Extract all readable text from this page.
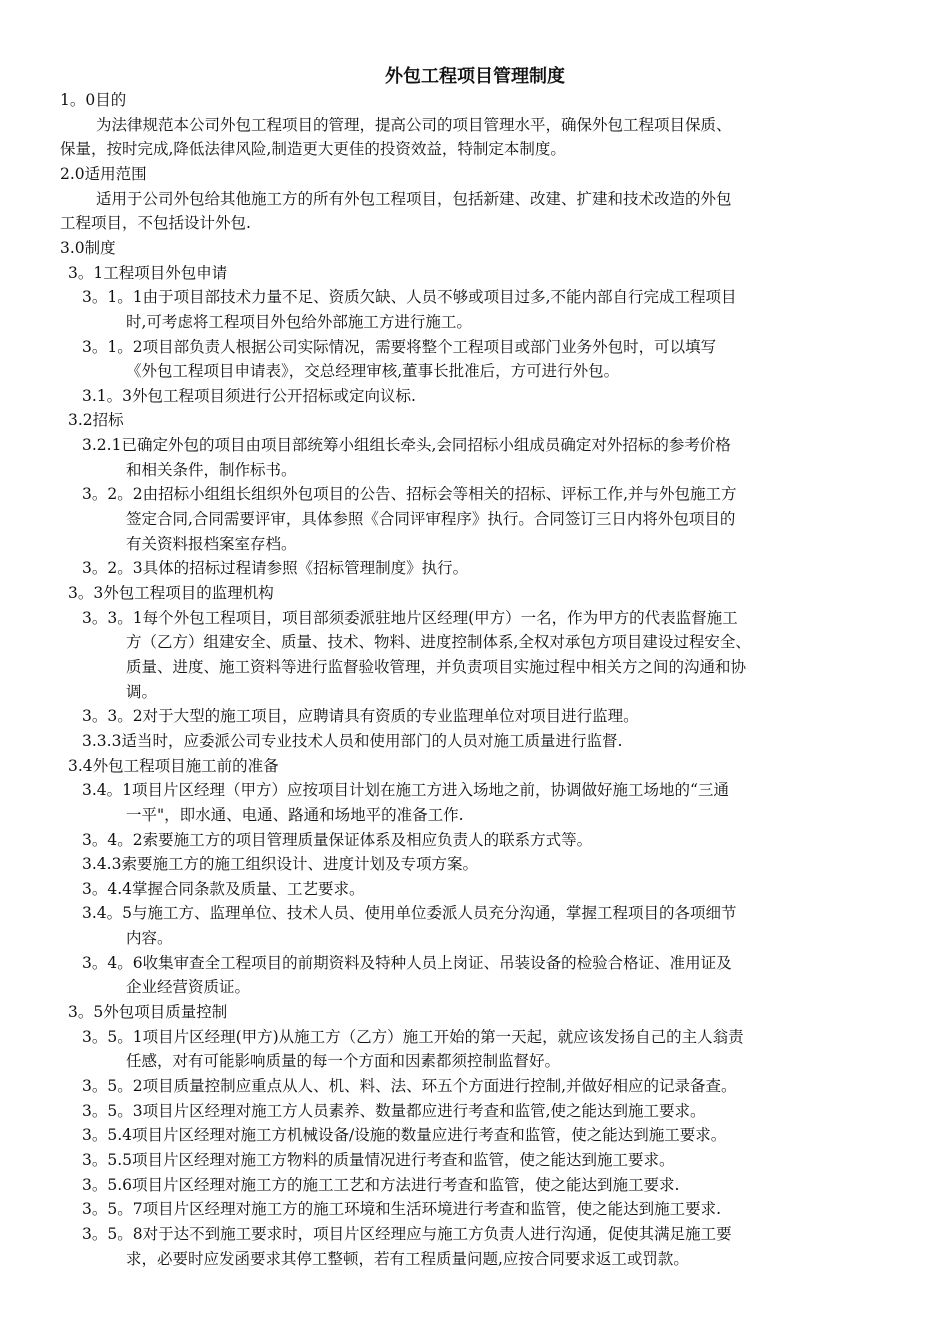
外包工程项目管理制度
1。0目的
为法律规范本公司外包工程项目的管理，提高公司的项目管理水平，确保外包工程项目保质、
保量，按时完成,降低法律风险,制造更大更佳的投资效益，特制定本制度。
2.0适用范围
适用于公司外包给其他施工方的所有外包工程项目，包括新建、改建、扩建和技术改造的外包
工程项目，不包括设计外包.
3.0制度
3。1工程项目外包申请
3。1。1由于项目部技术力量不足、资质欠缺、人员不够或项目过多,不能内部自行完成工程项目
时,可考虑将工程项目外包给外部施工方进行施工。
3。1。2项目部负责人根据公司实际情况，需要将整个工程项目或部门业务外包时，可以填写
《外包工程项目申请表》，交总经理审核,董事长批准后，方可进行外包。
3.1。3外包工程项目须进行公开招标或定向议标.
3.2招标
3.2.1已确定外包的项目由项目部统筹小组组长牵头,会同招标小组成员确定对外招标的参考价格
和相关条件，制作标书。
3。2。2由招标小组组长组织外包项目的公告、招标会等相关的招标、评标工作,并与外包施工方
签定合同,合同需要评审，具体参照《合同评审程序》执行。合同签订三日内将外包项目的
有关资料报档案室存档。
3。2。3具体的招标过程请参照《招标管理制度》执行。
3。3外包工程项目的监理机构
3。3。1每个外包工程项目，项目部须委派驻地片区经理(甲方）一名，作为甲方的代表监督施工
方（乙方）组建安全、质量、技术、物料、进度控制体系,全权对承包方项目建设过程安全、
质量、进度、施工资料等进行监督验收管理，并负责项目实施过程中相关方之间的沟通和协
调。
3。3。2对于大型的施工项目，应聘请具有资质的专业监理单位对项目进行监理。
3.3.3适当时，应委派公司专业技术人员和使用部门的人员对施工质量进行监督.
3.4外包工程项目施工前的准备
3.4。1项目片区经理（甲方）应按项目计划在施工方进入场地之前，协调做好施工场地的“三通
一平"，即水通、电通、路通和场地平的准备工作.
3。4。2索要施工方的项目管理质量保证体系及相应负责人的联系方式等。
3.4.3索要施工方的施工组织设计、进度计划及专项方案。
3。4.4掌握合同条款及质量、工艺要求。
3.4。5与施工方、监理单位、技术人员、使用单位委派人员充分沟通，掌握工程项目的各项细节
内容。
3。4。6收集审查全工程项目的前期资料及特种人员上岗证、吊装设备的检验合格证、准用证及
企业经营资质证。
3。5外包项目质量控制
3。5。1项目片区经理(甲方)从施工方（乙方）施工开始的第一天起，就应该发扬自己的主人翁责
任感，对有可能影响质量的每一个方面和因素都须控制监督好。
3。5。2项目质量控制应重点从人、机、料、法、环五个方面进行控制,并做好相应的记录备查。
3。5。3项目片区经理对施工方人员素养、数量都应进行考查和监管,使之能达到施工要求。
3。5.4项目片区经理对施工方机械设备/设施的数量应进行考查和监管，使之能达到施工要求。
3。5.5项目片区经理对施工方物料的质量情况进行考查和监管，使之能达到施工要求。
3。5.6项目片区经理对施工方的施工工艺和方法进行考查和监管，使之能达到施工要求.
3。5。7项目片区经理对施工方的施工环境和生活环境进行考查和监管，使之能达到施工要求.
3。5。8对于达不到施工要求时，项目片区经理应与施工方负责人进行沟通，促使其满足施工要
求，必要时应发函要求其停工整顿，若有工程质量问题,应按合同要求返工或罚款。
